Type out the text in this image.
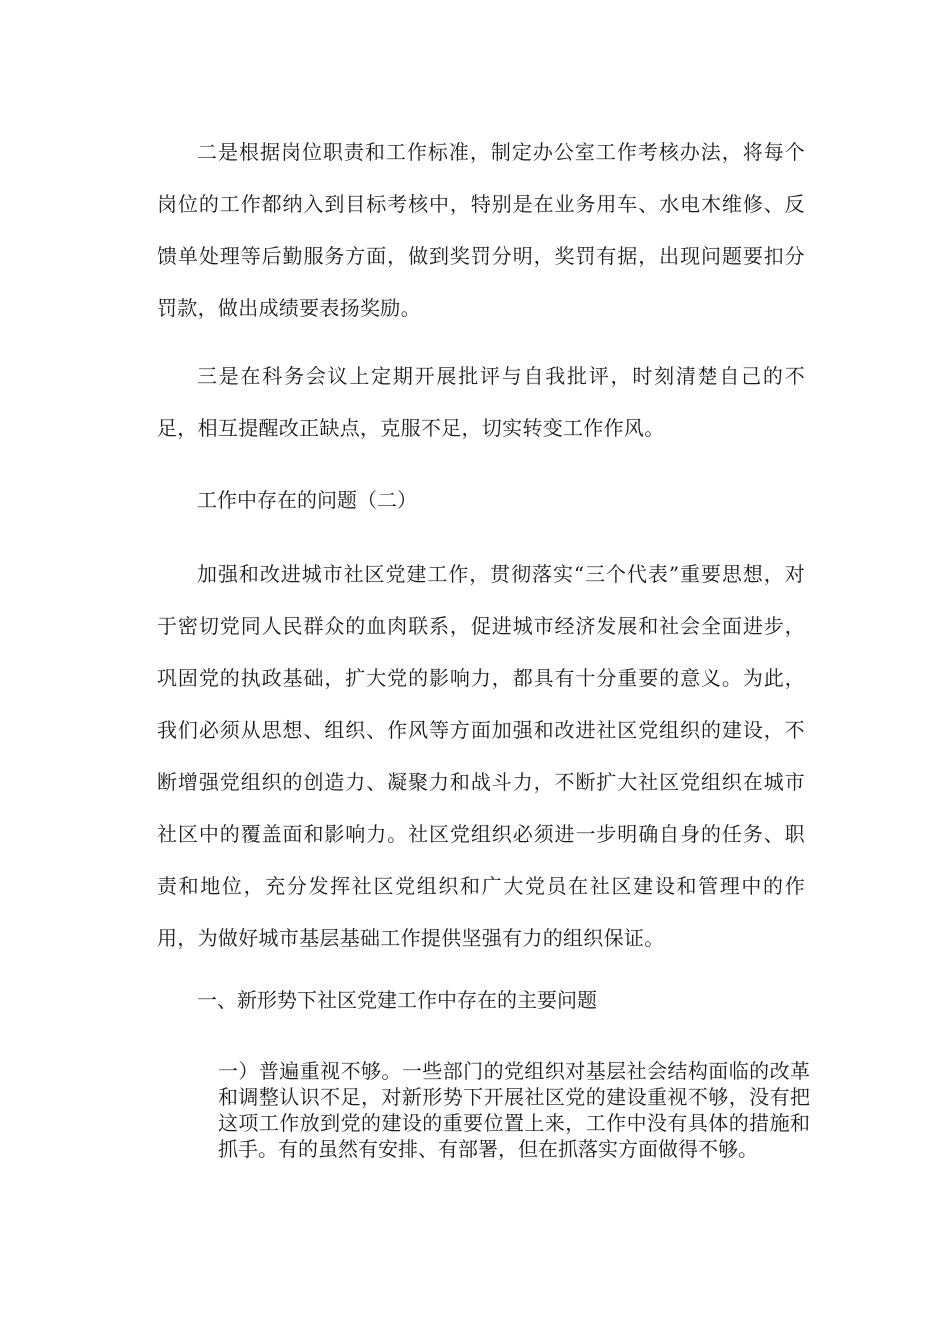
二是根据岗位职责和工作标准，制定办公室工作考核办法，将每个岗位的工作都纳入到目标考核中，特别是在业务用车、水电木维修、反馈单处理等后勤服务方面，做到奖罚分明，奖罚有据，出现问题要扣分罚款，做出成绩要表扬奖励。

三是在科务会议上定期开展批评与自我批评，时刻清楚自己的不足，相互提醒改正缺点，克服不足，切实转变工作作风。

工作中存在的问题（二）

加强和改进城市社区党建工作，贯彻落实“三个代表”重要思想，对于密切党同人民群众的血肉联系，促进城市经济发展和社会全面进步，巩固党的执政基础，扩大党的影响力，都具有十分重要的意义。为此，我们必须从思想、组织、作风等方面加强和改进社区党组织的建设，不断增强党组织的创造力、凝聚力和战斗力，不断扩大社区党组织在城市社区中的覆盖面和影响力。社区党组织必须进一步明确自身的任务、职责和地位，充分发挥社区党组织和广大党员在社区建设和管理中的作用，为做好城市基层基础工作提供坚强有力的组织保证。

一、新形势下社区党建工作中存在的主要问题

一）普遍重视不够。一些部门的党组织对基层社会结构面临的改革和调整认识不足，对新形势下开展社区党的建设重视不够，没有把这项工作放到党的建设的重要位置上来，工作中没有具体的措施和抓手。有的虽然有安排、有部署，但在抓落实方面做得不够。
